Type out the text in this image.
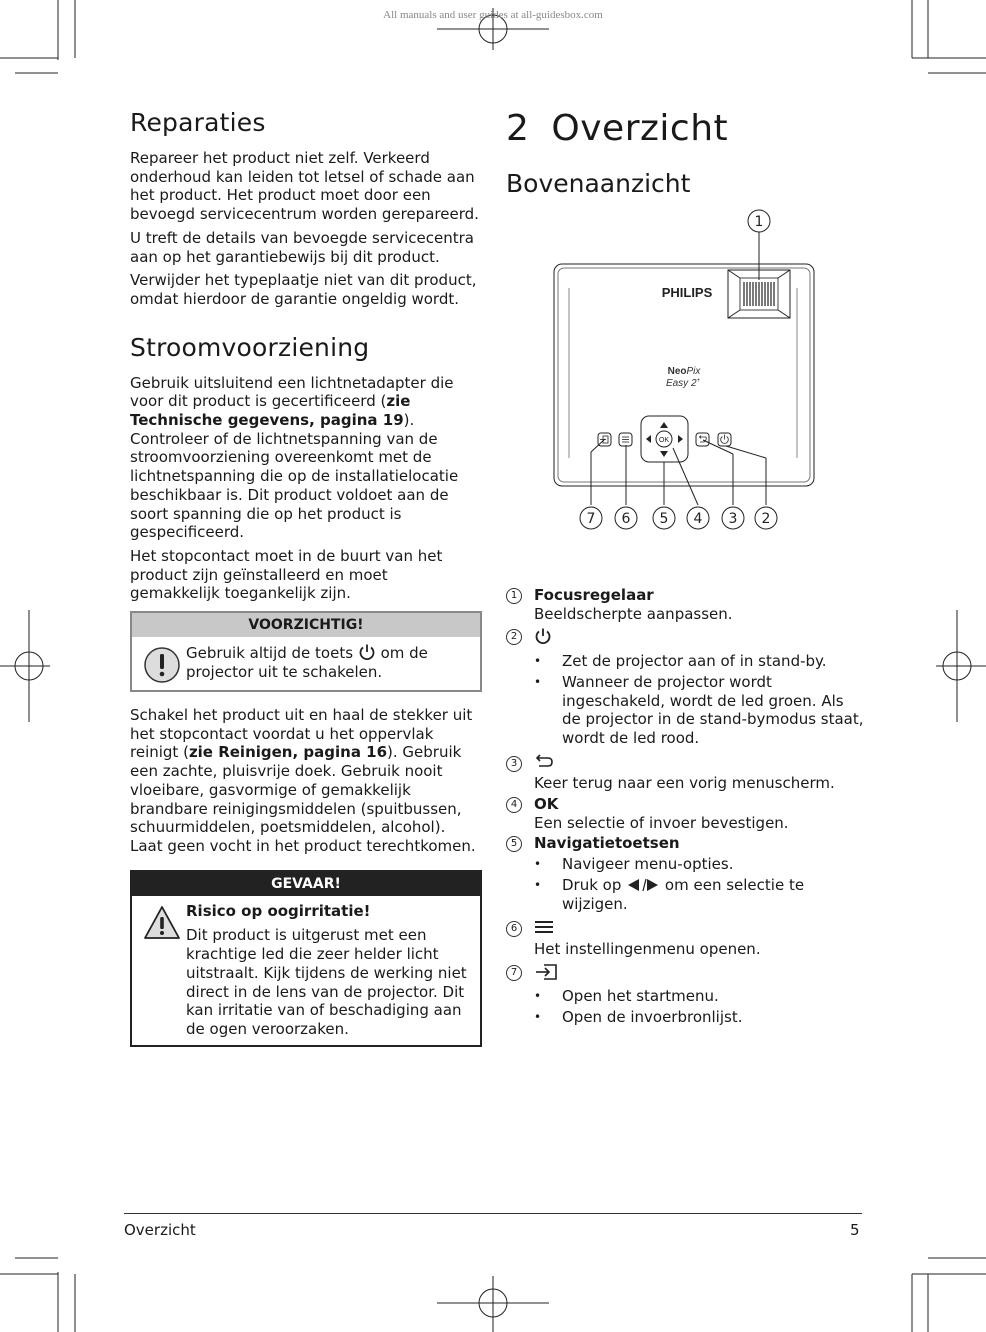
All manuals and user guides at all-guidesbox.com
Reparaties

Repareer het product niet zelf. Verkeerd onderhoud kan leiden tot letsel of schade aan het product. Het product moet door een bevoegd servicecentrum worden gerepareerd.

U treft de details van bevoegde servicecentra aan op het garantiebewijs bij dit product.

Verwijder het typeplaatje niet van dit product, omdat hierdoor de garantie ongeldig wordt.

Stroomvoorziening

Gebruik uitsluitend een lichtnetadapter die voor dit product is gecertificeerd (zie Technische gegevens, pagina 19). Controleer of de lichtnetspanning van de stroomvoorziening overeenkomt met de lichtnetspanning die op de installatielocatie beschikbaar is. Dit product voldoet aan de soort spanning die op het product is gespecificeerd.

Het stopcontact moet in de buurt van het product zijn geïnstalleerd en moet gemakkelijk toegankelijk zijn.

VOORZICHTIG!
Gebruik altijd de toets  om de projector uit te schakelen.

Schakel het product uit en haal de stekker uit het stopcontact voordat u het oppervlak reinigt (zie Reinigen, pagina 16). Gebruik een zachte, pluisvrije doek. Gebruik nooit vloeibare, gasvormige of gemakkelijk brandbare reinigingsmiddelen (spuitbussen, schuurmiddelen, poetsmiddelen, alcohol). Laat geen vocht in het product terechtkomen.

GEVAAR!
Risico op oogirritatie!
Dit product is uitgerust met een krachtige led die zeer helder licht uitstraalt. Kijk tijdens de werking niet direct in de lens van de projector. Dit kan irritatie van of beschadiging aan de ogen veroorzaken.
2 Overzicht
Bovenaanzicht
PHILIPS
NeoPix
Easy 2+
OK
1
7 6 5 4 3 2
1	Focusregelaar
Beeldscherpte aanpassen.
2
• Zet de projector aan of in stand-by.
• Wanneer de projector wordt ingeschakeld, wordt de led groen. Als de projector in de stand-bymodus staat, wordt de led rood.
3
Keer terug naar een vorig menuscherm.
4	OK
Een selectie of invoer bevestigen.
5	Navigatietoetsen
• Navigeer menu-opties.
• Druk op  om een selectie te wijzigen.
6
Het instellingenmenu openen.
7
• Open het startmenu.
• Open de invoerbronlijst.
Overzicht	5
